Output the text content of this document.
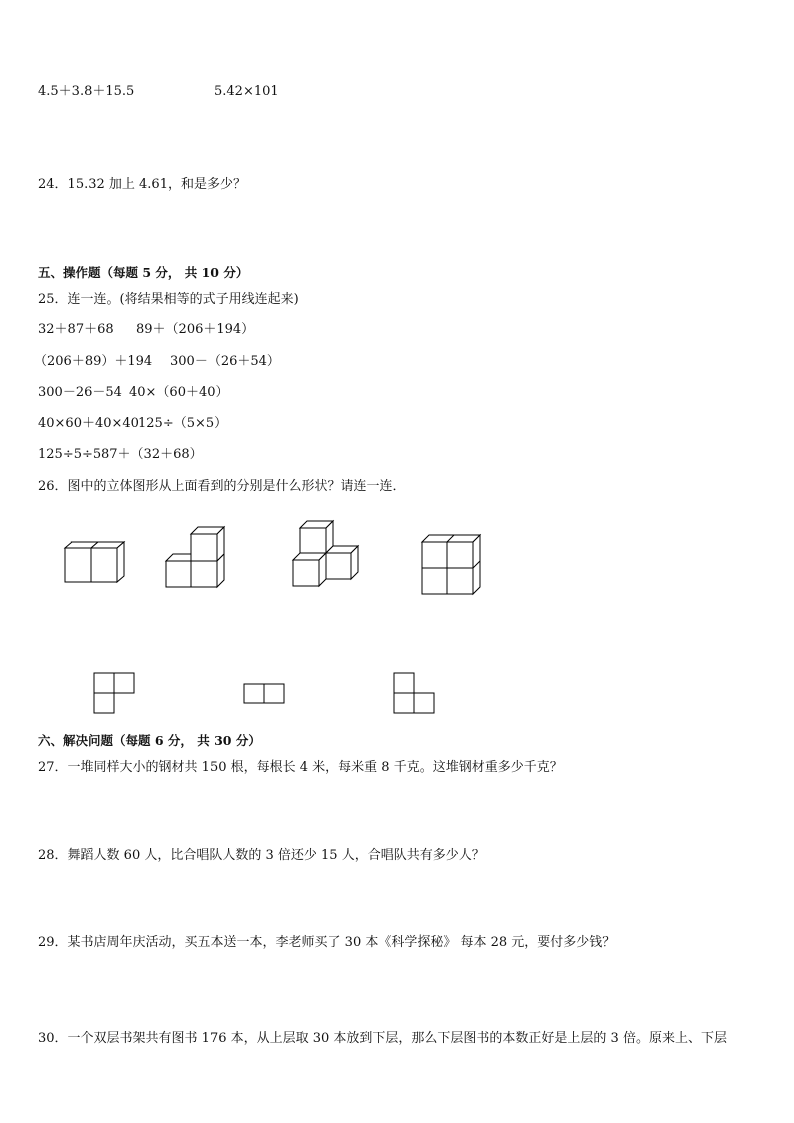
4.5＋3.8＋15.5	5.42×101
24．15.32 加上 4.61，和是多少？
五、操作题（每题 5 分， 共 10 分）
25．连一连。(将结果相等的式子用线连起来)
32＋87＋68 89＋（206＋194）
（206＋89）＋194 300－（26＋54）
300－26－54 40×（60＋40）
40×60＋40×40 125÷（5×5）
125÷5÷5 87＋（32＋68）
26．图中的立体图形从上面看到的分别是什么形状？请连一连．
六、解决问题（每题 6 分， 共 30 分）
27．一堆同样大小的钢材共 150 根，每根长 4 米，每米重 8 千克。这堆钢材重多少千克？
28．舞蹈人数 60 人，比合唱队人数的 3 倍还少 15 人，合唱队共有多少人？
29．某书店周年庆活动，买五本送一本，李老师买了 30 本《科学探秘》 每本 28 元，要付多少钱？
30．一个双层书架共有图书 176 本，从上层取 30 本放到下层，那么下层图书的本数正好是上层的 3 倍。原来上、下层
